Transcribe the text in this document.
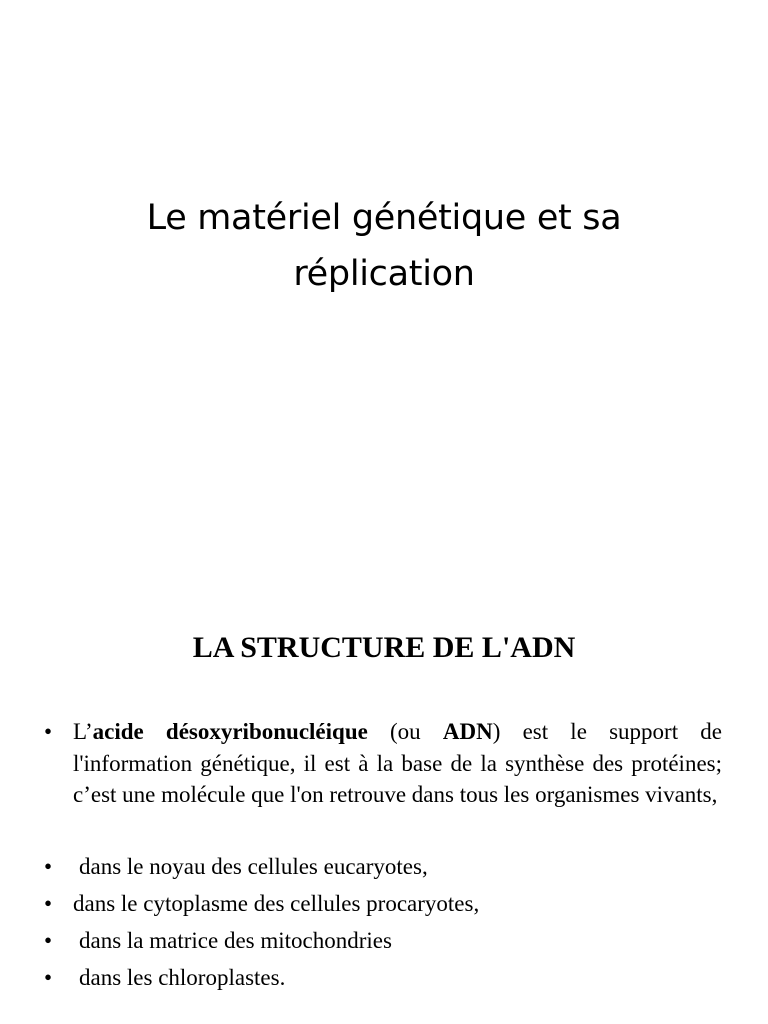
Le matériel génétique et sa
réplication
LA STRUCTURE DE L'ADN
• L’acide désoxyribonucléique (ou ADN) est le support de l'information génétique, il est à la base de la synthèse des protéines; c’est une molécule que l'on retrouve dans tous les organismes vivants,
• dans le noyau des cellules eucaryotes,
• dans le cytoplasme des cellules procaryotes,
• dans la matrice des mitochondries
• dans les chloroplastes.
